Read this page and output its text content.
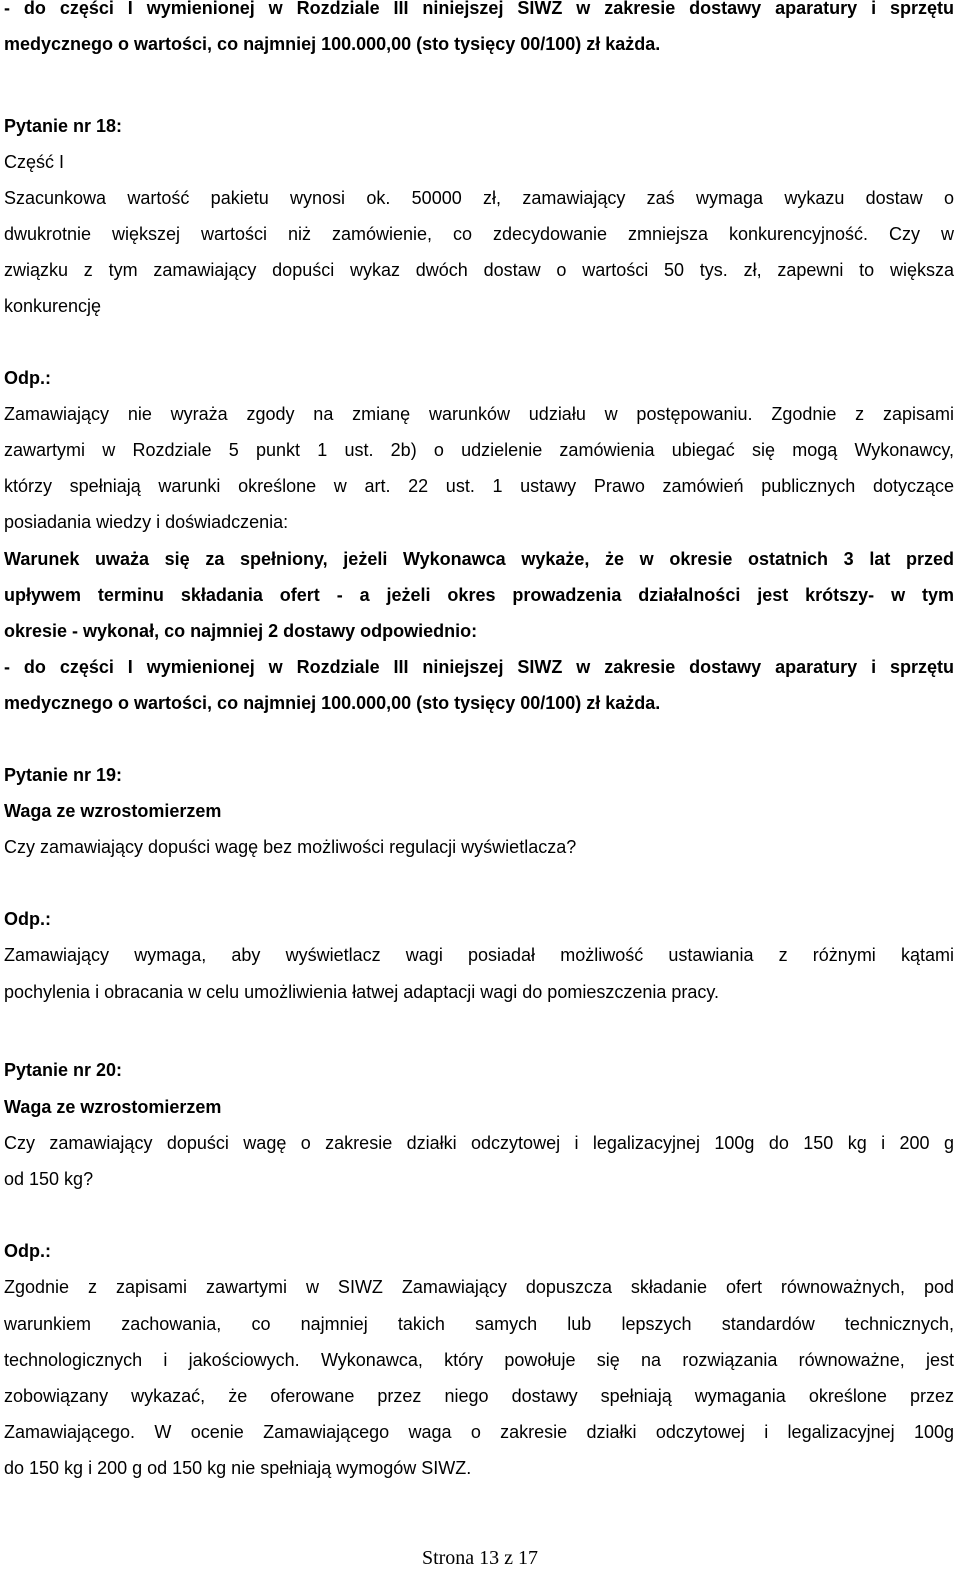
- do części I wymienionej w Rozdziale III niniejszej SIWZ w zakresie dostawy aparatury i sprzętu
medycznego o wartości, co najmniej 100.000,00 (sto tysięcy 00/100) zł każda.
Pytanie nr 18:
Część I
Szacunkowa wartość pakietu wynosi ok. 50000 zł, zamawiający zaś wymaga wykazu dostaw o
dwukrotnie większej wartości niż zamówienie, co zdecydowanie zmniejsza konkurencyjność. Czy w
związku z tym zamawiający dopuści wykaz dwóch dostaw o wartości 50 tys. zł, zapewni to większa
konkurencję
Odp.:
Zamawiający nie wyraża zgody na zmianę warunków udziału w postępowaniu. Zgodnie z zapisami
zawartymi w Rozdziale 5 punkt 1 ust. 2b) o udzielenie zamówienia ubiegać się mogą Wykonawcy,
którzy spełniają warunki określone w art. 22 ust. 1 ustawy Prawo zamówień publicznych dotyczące
posiadania wiedzy i doświadczenia:
Warunek uważa się za spełniony, jeżeli Wykonawca wykaże, że w okresie ostatnich 3 lat przed
upływem terminu składania ofert - a jeżeli okres prowadzenia działalności jest krótszy- w tym
okresie - wykonał, co najmniej 2 dostawy odpowiednio:
- do części I wymienionej w Rozdziale III niniejszej SIWZ w zakresie dostawy aparatury i sprzętu
medycznego o wartości, co najmniej 100.000,00 (sto tysięcy 00/100) zł każda.
Pytanie nr 19:
Waga ze wzrostomierzem
Czy zamawiający dopuści wagę bez możliwości regulacji wyświetlacza?
Odp.:
Zamawiający wymaga, aby wyświetlacz wagi posiadał możliwość ustawiania z różnymi kątami
pochylenia i obracania w celu umożliwienia łatwej adaptacji wagi do pomieszczenia pracy.
Pytanie nr 20:
Waga ze wzrostomierzem
Czy zamawiający dopuści wagę o zakresie działki odczytowej i legalizacyjnej 100g do 150 kg i 200 g
od 150 kg?
Odp.:
Zgodnie z zapisami zawartymi w SIWZ Zamawiający dopuszcza składanie ofert równoważnych, pod
warunkiem zachowania, co najmniej takich samych lub lepszych standardów technicznych,
technologicznych i jakościowych. Wykonawca, który powołuje się na rozwiązania równoważne, jest
zobowiązany wykazać, że oferowane przez niego dostawy spełniają wymagania określone przez
Zamawiającego. W ocenie Zamawiającego waga o zakresie działki odczytowej i legalizacyjnej 100g
do 150 kg i 200 g od 150 kg nie spełniają wymogów SIWZ.
Strona 13 z 17
